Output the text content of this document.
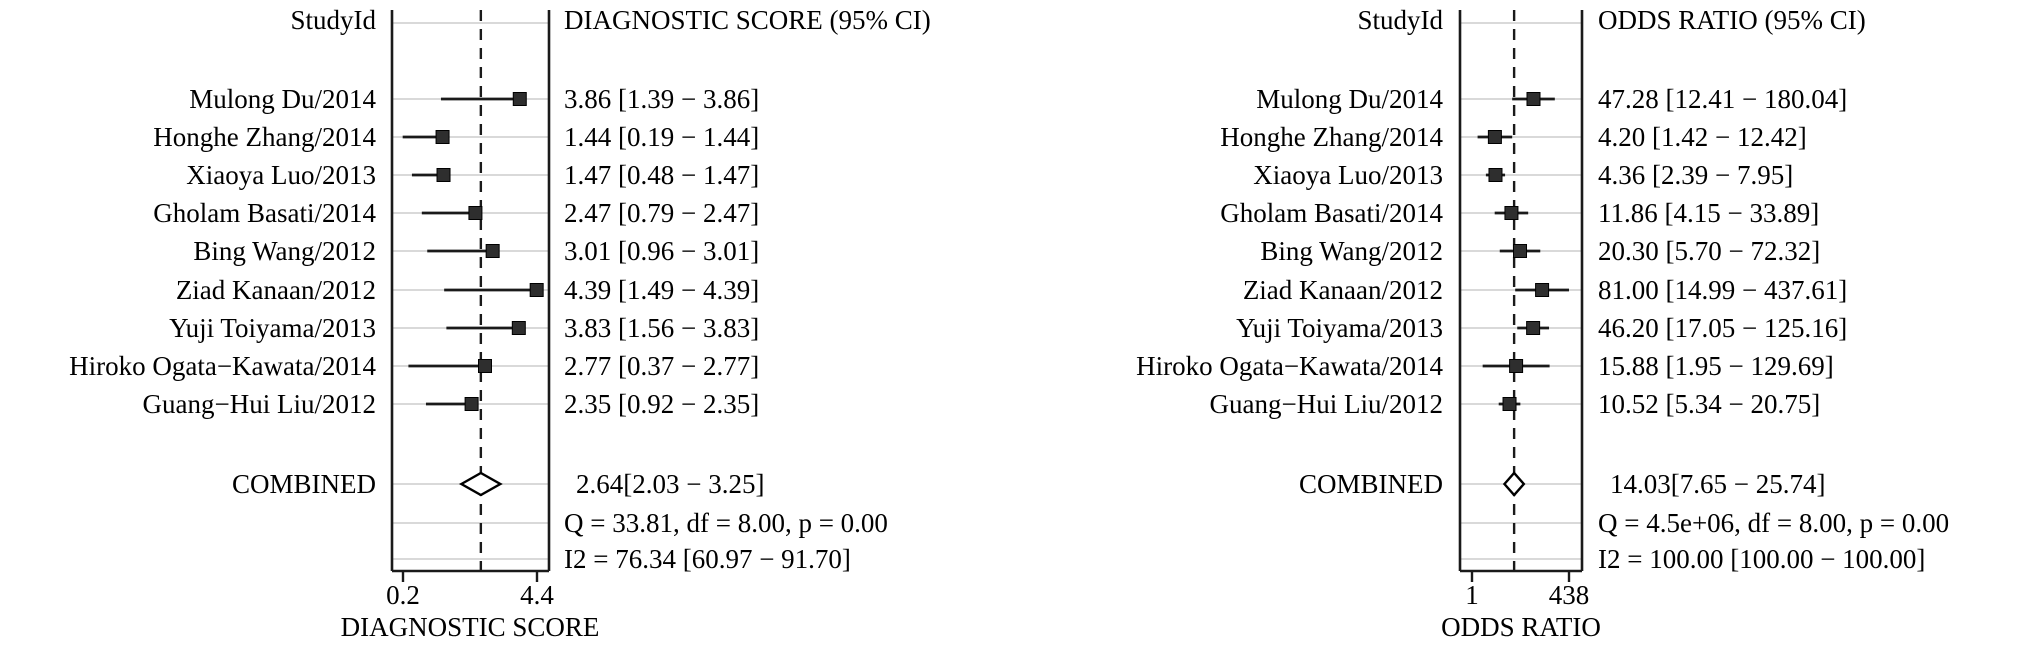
Mulong Du/2014	3.86 [1.39 − 3.86]
Honghe Zhang/2014	1.44 [0.19 − 1.44]
Xiaoya Luo/2013	1.47 [0.48 − 1.47]
Gholam Basati/2014	2.47 [0.79 − 2.47]
Bing Wang/2012	3.01 [0.96 − 3.01]
Ziad Kanaan/2012	4.39 [1.49 − 4.39]
Yuji Toiyama/2013	3.83 [1.56 − 3.83]
Hiroko Ogata−Kawata/2014	2.77 [0.37 − 2.77]
Guang−Hui Liu/2012	2.35 [0.92 − 2.35]
Mulong Du/2014	47.28 [12.41 − 180.04]
Honghe Zhang/2014	4.20 [1.42 − 12.42]
Xiaoya Luo/2013	4.36 [2.39 − 7.95]
Gholam Basati/2014	11.86 [4.15 − 33.89]
Bing Wang/2012	20.30 [5.70 − 72.32]
Ziad Kanaan/2012	81.00 [14.99 − 437.61]
Yuji Toiyama/2013	46.20 [17.05 − 125.16]
Hiroko Ogata−Kawata/2014	15.88 [1.95 − 129.69]
Guang−Hui Liu/2012	10.52 [5.34 − 20.75]
StudyId	DIAGNOSTIC SCORE (95% CI)
COMBINED	2.64[2.03 − 3.25]
Q = 33.81, df = 8.00, p = 0.00
I2 = 76.34 [60.97 − 91.70]
0.2	4.4
DIAGNOSTIC SCORE
StudyId	ODDS RATIO (95% CI)
COMBINED	14.03[7.65 − 25.74]
Q = 4.5e+06, df = 8.00, p = 0.00
I2 = 100.00 [100.00 − 100.00]
1	438
ODDS RATIO
